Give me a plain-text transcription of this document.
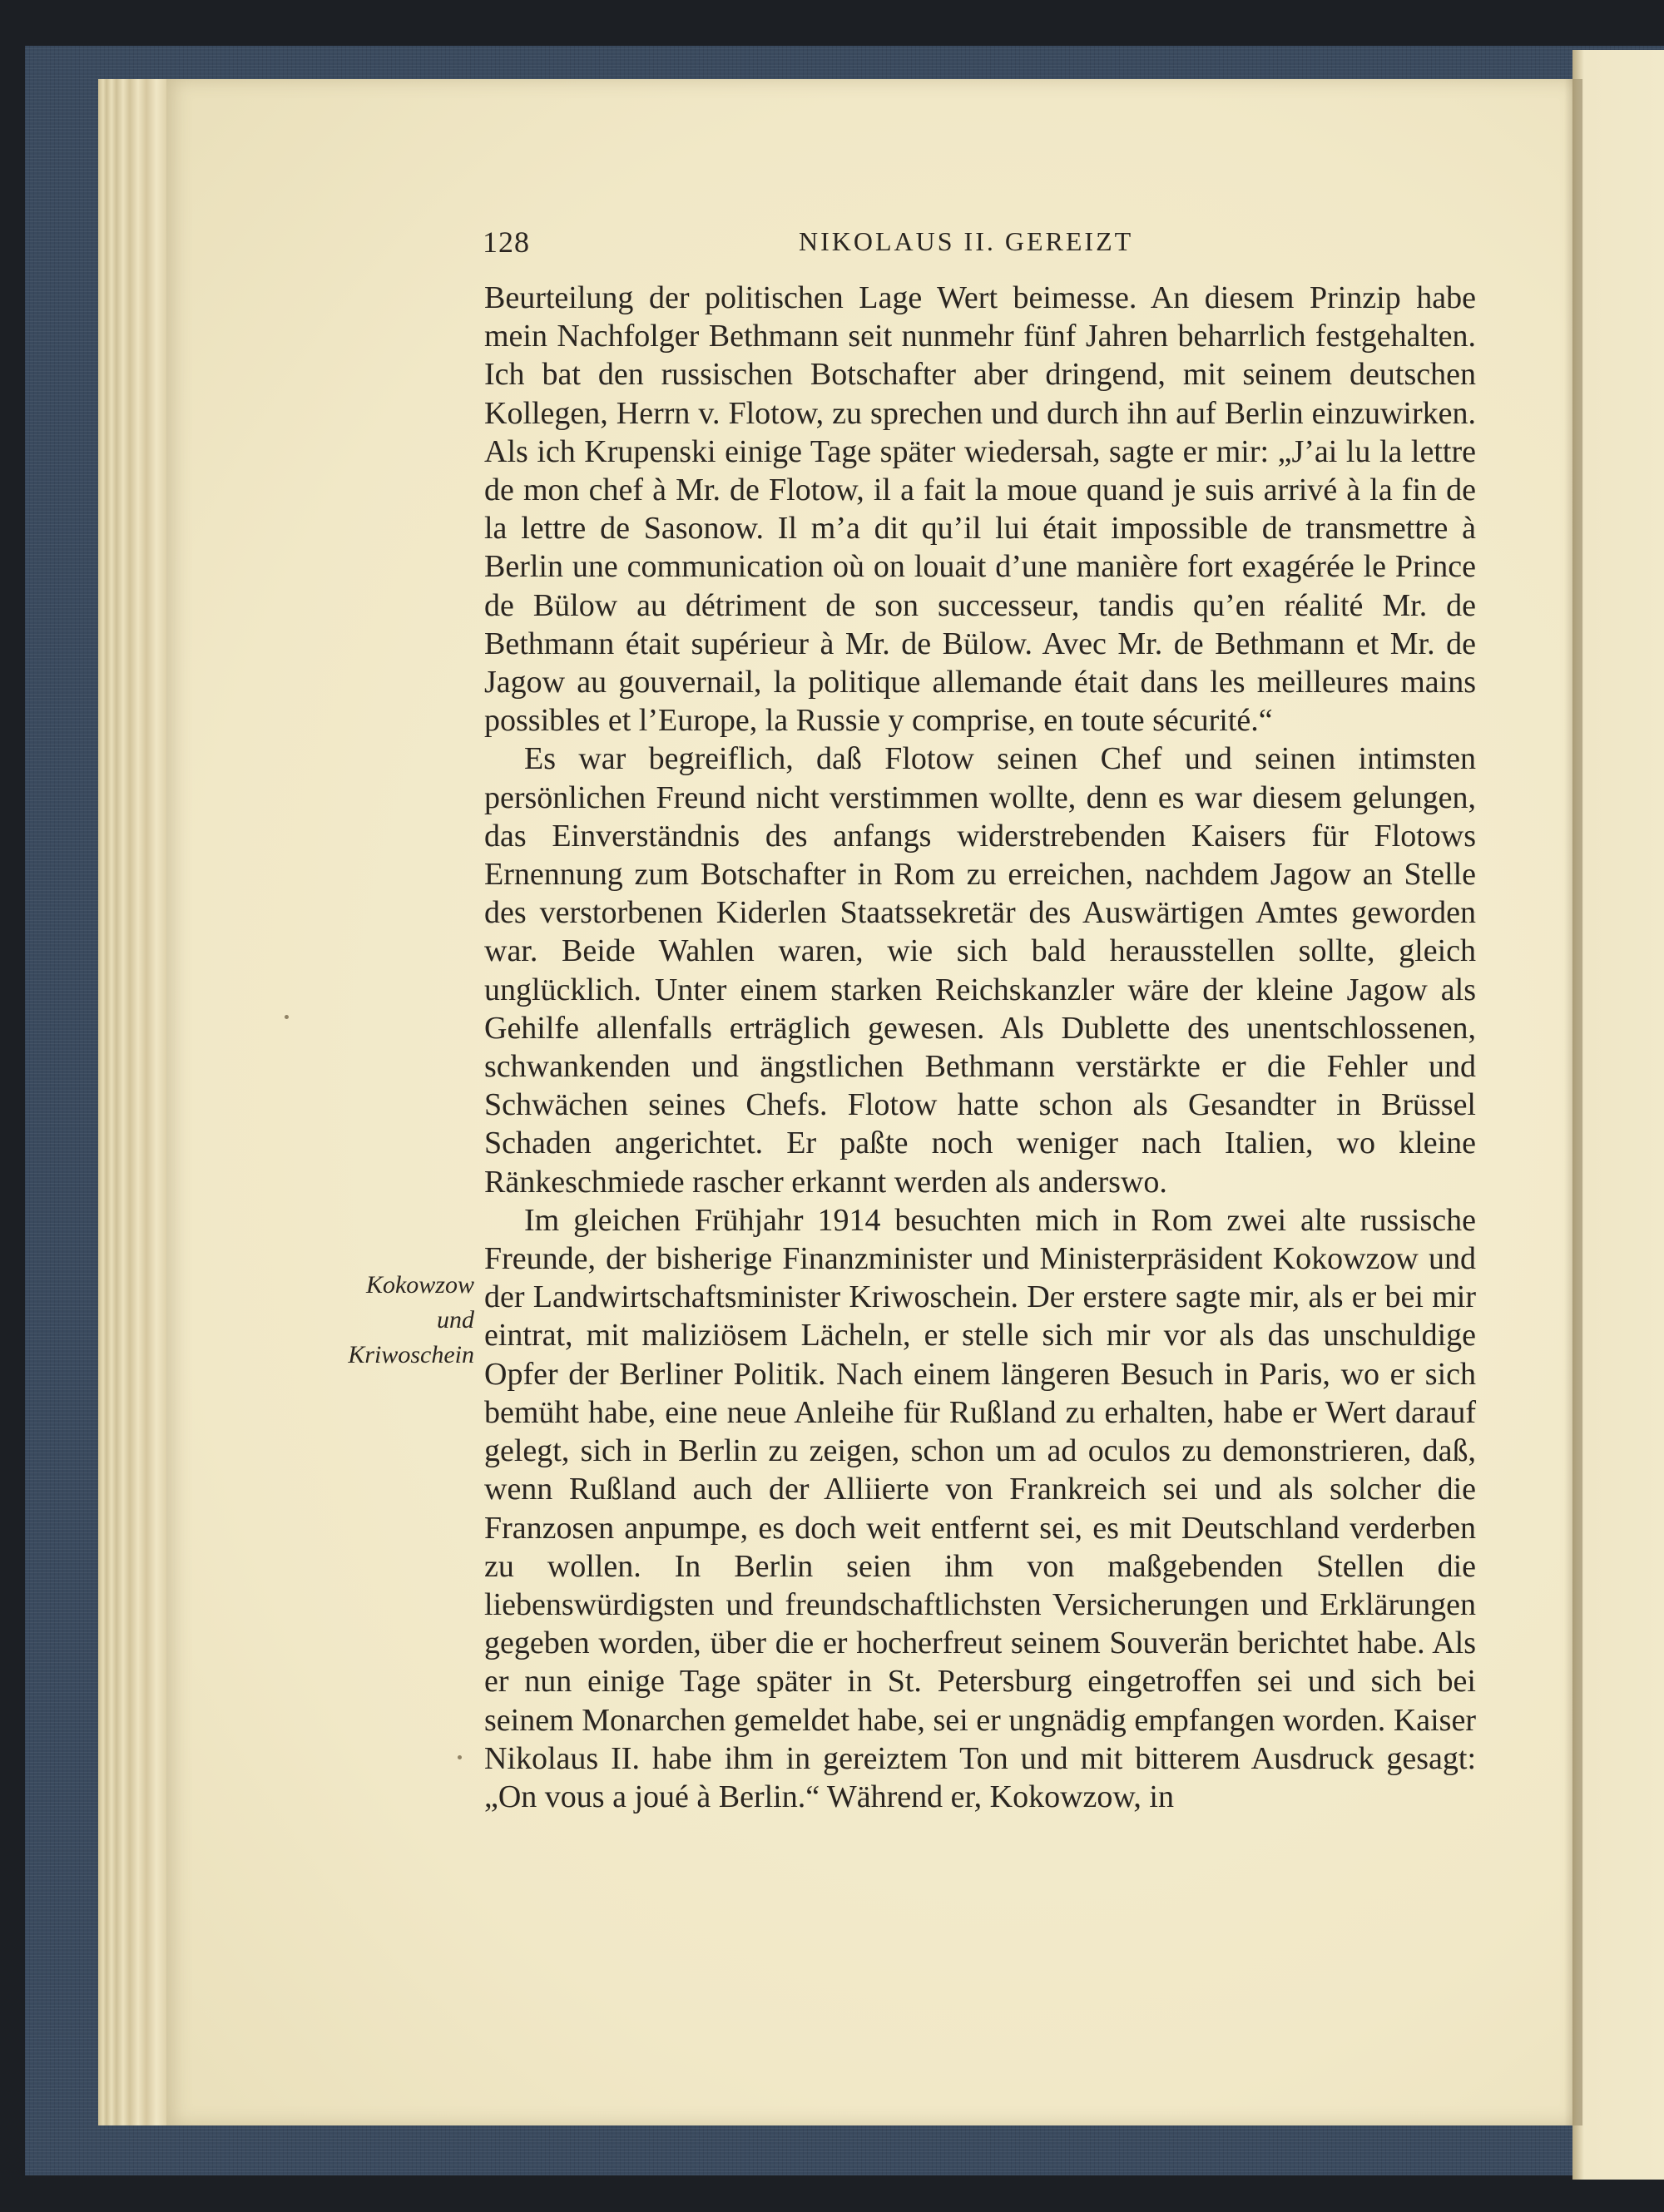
128	NIKOLAUS II. GEREIZT
Kokowzow
und
Kriwoschein

Beurteilung der politischen Lage Wert beimesse. An diesem Prinzip habe mein Nachfolger Bethmann seit nunmehr fünf Jahren beharrlich festgehalten. Ich bat den russischen Botschafter aber dringend, mit seinem deutschen Kollegen, Herrn v. Flotow, zu sprechen und durch ihn auf Berlin einzuwirken. Als ich Krupenski einige Tage später wiedersah, sagte er mir: „J’ai lu la lettre de mon chef à Mr. de Flotow, il a fait la moue quand je suis arrivé à la fin de la lettre de Sasonow. Il m’a dit qu’il lui était impossible de transmettre à Berlin une communication où on louait d’une manière fort exagérée le Prince de Bülow au détriment de son successeur, tandis qu’en réalité Mr. de Bethmann était supérieur à Mr. de Bülow. Avec Mr. de Bethmann et Mr. de Jagow au gouvernail, la politique allemande était dans les meilleures mains possibles et l’Europe, la Russie y comprise, en toute sécurité.“

Es war begreiflich, daß Flotow seinen Chef und seinen intimsten persönlichen Freund nicht verstimmen wollte, denn es war diesem gelungen, das Einverständnis des anfangs widerstrebenden Kaisers für Flotows Ernennung zum Botschafter in Rom zu erreichen, nachdem Jagow an Stelle des verstorbenen Kiderlen Staatssekretär des Auswärtigen Amtes geworden war. Beide Wahlen waren, wie sich bald herausstellen sollte, gleich unglücklich. Unter einem starken Reichskanzler wäre der kleine Jagow als Gehilfe allenfalls erträglich gewesen. Als Dublette des unentschlossenen, schwankenden und ängstlichen Bethmann verstärkte er die Fehler und Schwächen seines Chefs. Flotow hatte schon als Gesandter in Brüssel Schaden angerichtet. Er paßte noch weniger nach Italien, wo kleine Ränkeschmiede rascher erkannt werden als anderswo.

Im gleichen Frühjahr 1914 besuchten mich in Rom zwei alte russische Freunde, der bisherige Finanzminister und Ministerpräsident Kokowzow und der Landwirtschaftsminister Kriwoschein. Der erstere sagte mir, als er bei mir eintrat, mit maliziösem Lächeln, er stelle sich mir vor als das unschuldige Opfer der Berliner Politik. Nach einem längeren Besuch in Paris, wo er sich bemüht habe, eine neue Anleihe für Rußland zu erhalten, habe er Wert darauf gelegt, sich in Berlin zu zeigen, schon um ad oculos zu demonstrieren, daß, wenn Rußland auch der Alliierte von Frankreich sei und als solcher die Franzosen anpumpe, es doch weit entfernt sei, es mit Deutschland verderben zu wollen. In Berlin seien ihm von maßgebenden Stellen die liebenswürdigsten und freundschaftlichsten Versicherungen und Erklärungen gegeben worden, über die er hocherfreut seinem Souverän berichtet habe. Als er nun einige Tage später in St. Petersburg eingetroffen sei und sich bei seinem Monarchen gemeldet habe, sei er ungnädig empfangen worden. Kaiser Nikolaus II. habe ihm in gereiztem Ton und mit bitterem Ausdruck gesagt: „On vous a joué à Berlin.“ Während er, Kokowzow, in
